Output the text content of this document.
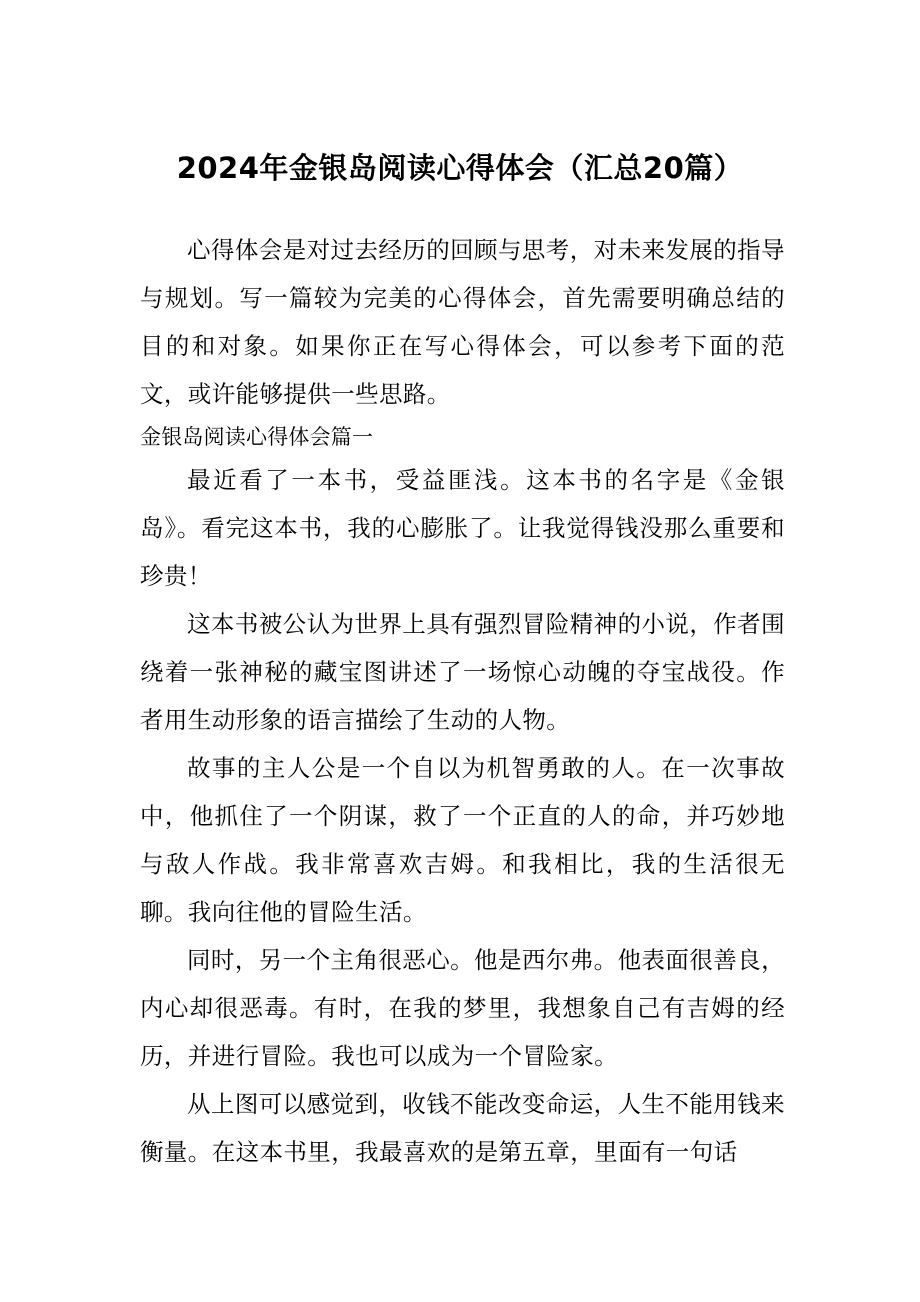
2024年金银岛阅读心得体会（汇总20篇）

心得体会是对过去经历的回顾与思考，对未来发展的指导与规划。写一篇较为完美的心得体会，首先需要明确总结的目的和对象。如果你正在写心得体会，可以参考下面的范文，或许能够提供一些思路。

金银岛阅读心得体会篇一

最近看了一本书，受益匪浅。这本书的名字是《金银岛》。看完这本书，我的心膨胀了。让我觉得钱没那么重要和珍贵！

这本书被公认为世界上具有强烈冒险精神的小说，作者围绕着一张神秘的藏宝图讲述了一场惊心动魄的夺宝战役。作者用生动形象的语言描绘了生动的人物。

故事的主人公是一个自以为机智勇敢的人。在一次事故中，他抓住了一个阴谋，救了一个正直的人的命，并巧妙地与敌人作战。我非常喜欢吉姆。和我相比，我的生活很无聊。我向往他的冒险生活。

同时，另一个主角很恶心。他是西尔弗。他表面很善良，内心却很恶毒。有时，在我的梦里，我想象自己有吉姆的经历，并进行冒险。我也可以成为一个冒险家。

从上图可以感觉到，收钱不能改变命运，人生不能用钱来衡量。在这本书里，我最喜欢的是第五章，里面有一句话
